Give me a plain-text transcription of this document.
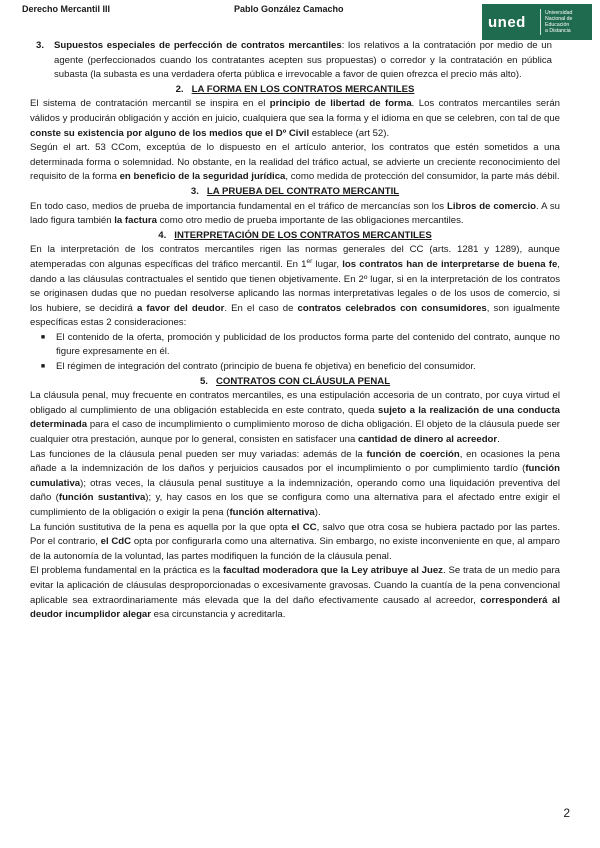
Derecho Mercantil III	Pablo González Camacho
uned
Universidad
Nacional de
Educación
a Distancia
3.	Supuestos especiales de perfección de contratos mercantiles: los relativos a la contratación por medio de un agente (perfeccionados cuando los contratantes acepten sus propuestas) o corredor y la contratación en pública subasta (la subasta es una verdadera oferta pública e irrevocable a favor de quien ofrezca el precio más alto).

2. LA FORMA EN LOS CONTRATOS MERCANTILES

El sistema de contratación mercantil se inspira en el principio de libertad de forma. Los contratos mercantiles serán válidos y producirán obligación y acción en juicio, cualquiera que sea la forma y el idioma en que se celebren, con tal de que conste su existencia por alguno de los medios que el Dº Civil establece (art 52).

Según el art. 53 CCom, exceptúa de lo dispuesto en el artículo anterior, los contratos que estén sometidos a una determinada forma o solemnidad. No obstante, en la realidad del tráfico actual, se advierte un creciente reconocimiento del requisito de la forma en beneficio de la seguridad jurídica, como medida de protección del consumidor, la parte más débil.

3. LA PRUEBA DEL CONTRATO MERCANTIL

En todo caso, medios de prueba de importancia fundamental en el tráfico de mercancías son los Libros de comercio. A su lado figura también la factura como otro medio de prueba importante de las obligaciones mercantiles.

4. INTERPRETACIÓN DE LOS CONTRATOS MERCANTILES

En la interpretación de los contratos mercantiles rigen las normas generales del CC (arts. 1281 y 1289), aunque atemperadas con algunas específicas del tráfico mercantil. En 1er lugar, los contratos han de interpretarse de buena fe, dando a las cláusulas contractuales el sentido que tienen objetivamente. En 2º lugar, si en la interpretación de los contratos se originasen dudas que no puedan resolverse aplicando las normas interpretativas legales o de los usos de comercio, si los hubiere, se decidirá a favor del deudor. En el caso de contratos celebrados con consumidores, son igualmente específicas estas 2 consideraciones:

■	El contenido de la oferta, promoción y publicidad de los productos forma parte del contenido del contrato, aunque no figure expresamente en él.
■	El régimen de integración del contrato (principio de buena fe objetiva) en beneficio del consumidor.

5. CONTRATOS CON CLÁUSULA PENAL

La cláusula penal, muy frecuente en contratos mercantiles, es una estipulación accesoria de un contrato, por cuya virtud el obligado al cumplimiento de una obligación establecida en este contrato, queda sujeto a la realización de una conducta determinada para el caso de incumplimiento o cumplimiento moroso de dicha obligación. El objeto de la cláusula puede ser cualquier otra prestación, aunque por lo general, consisten en satisfacer una cantidad de dinero al acreedor.

Las funciones de la cláusula penal pueden ser muy variadas: además de la función de coerción, en ocasiones la pena añade a la indemnización de los daños y perjuicios causados por el incumplimiento o por cumplimiento tardío (función cumulativa); otras veces, la cláusula penal sustituye a la indemnización, operando como una liquidación preventiva del daño (función sustantiva); y, hay casos en los que se configura como una alternativa para el afectado entre exigir el cumplimiento de la obligación o exigir la pena (función alternativa).

La función sustitutiva de la pena es aquella por la que opta el CC, salvo que otra cosa se hubiera pactado por las partes. Por el contrario, el CdC opta por configurarla como una alternativa. Sin embargo, no existe inconveniente en que, al amparo de la autonomía de la voluntad, las partes modifiquen la función de la cláusula penal.

El problema fundamental en la práctica es la facultad moderadora que la Ley atribuye al Juez. Se trata de un medio para evitar la aplicación de cláusulas desproporcionadas o excesivamente gravosas. Cuando la cuantía de la pena convencional aplicable sea extraordinariamente más elevada que la del daño efectivamente causado al acreedor, corresponderá al deudor incumplidor alegar esa circunstancia y acreditarla.

2
